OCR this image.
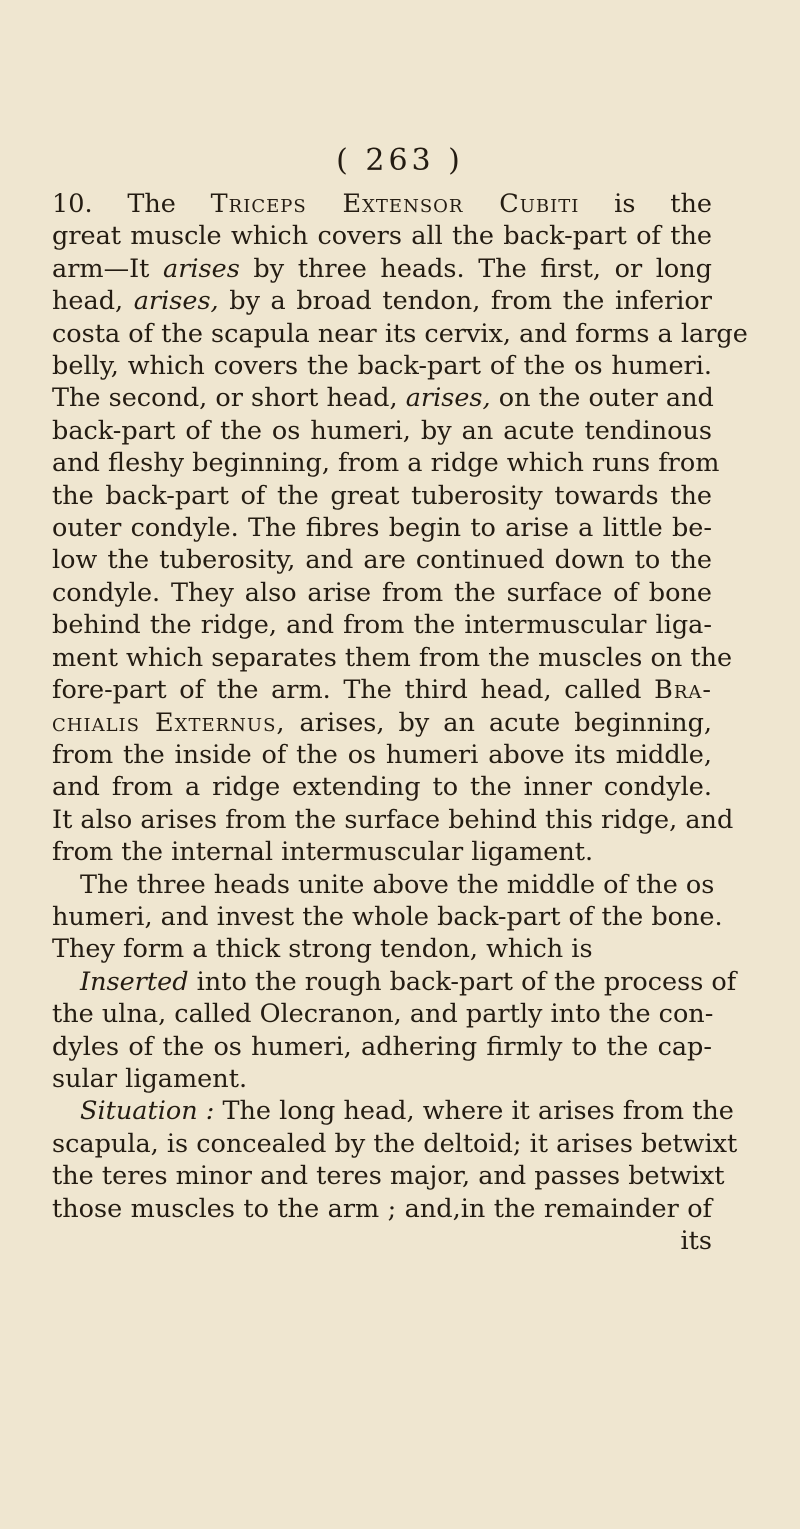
( 263 )
10. The Triceps Extensor Cubiti is the
great muscle which covers all the back-part of the
arm—It arises by three heads. The first, or long
head, arises, by a broad tendon, from the inferior
costa of the scapula near its cervix, and forms a large
belly, which covers the back-part of the os humeri.
The second, or short head, arises, on the outer and
back-part of the os humeri, by an acute tendinous
and fleshy beginning, from a ridge which runs from
the back-part of the great tuberosity towards the
outer condyle. The fibres begin to arise a little be-
low the tuberosity, and are continued down to the
condyle. They also arise from the surface of bone
behind the ridge, and from the intermuscular liga-
ment which separates them from the muscles on the
fore-part of the arm. The third head, called Bra-
chialis Externus, arises, by an acute beginning,
from the inside of the os humeri above its middle,
and from a ridge extending to the inner condyle.
It also arises from the surface behind this ridge, and
from the internal intermuscular ligament.
The three heads unite above the middle of the os
humeri, and invest the whole back-part of the bone.
They form a thick strong tendon, which is
Inserted into the rough back-part of the process of
the ulna, called Olecranon, and partly into the con-
dyles of the os humeri, adhering firmly to the cap-
sular ligament.
Situation : The long head, where it arises from the
scapula, is concealed by the deltoid; it arises betwixt
the teres minor and teres major, and passes betwixt
those muscles to the arm ; and,in the remainder of
its
